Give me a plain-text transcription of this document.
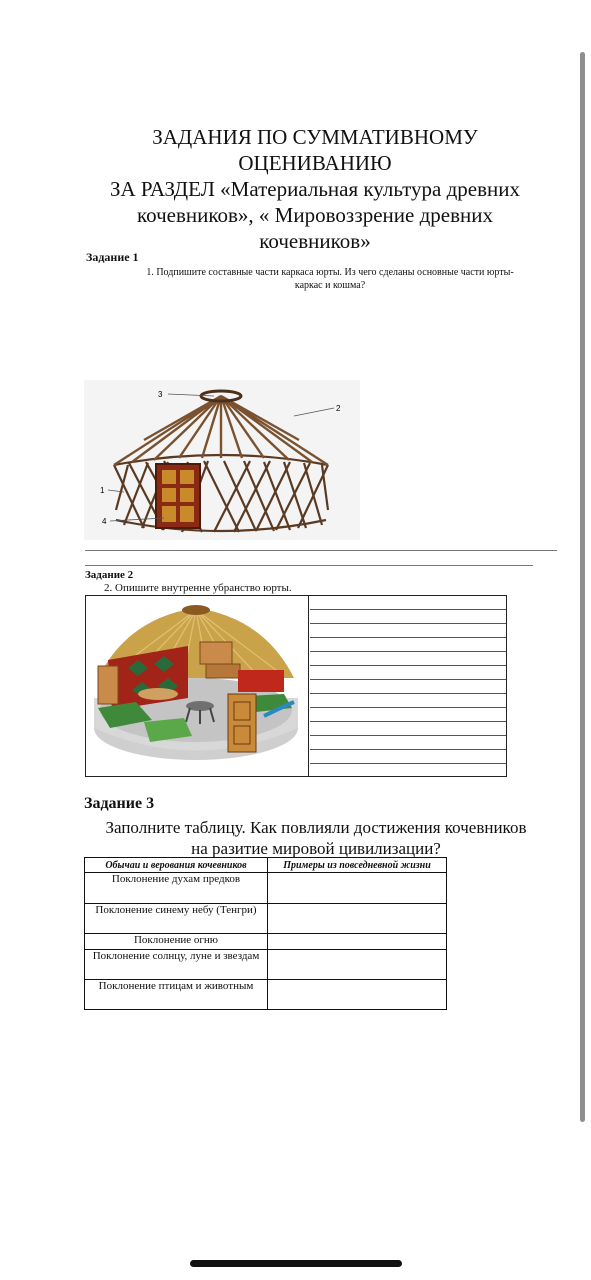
ЗАДАНИЯ ПО СУММАТИВНОМУ
ОЦЕНИВАНИЮ
ЗА РАЗДЕЛ «Материальная культура древних
кочевников», « Мировоззрение древних
кочевников»
Задание 1
1. Подпишите составные части каркаса юрты. Из чего сделаны основные части юрты-
каркас и кошма?
3
2
1
4
Задание 2
2. Опишите внутренне убранство юрты.
Задание 3
Заполните таблицу. Как повлияли достижения кочевников
на разитие мировой цивилизации?
Обычаи и верования кочевников	Примеры из повседневной жизни
Поклонение духам предков	
Поклонение синему небу (Тенгри)	
Поклонение огню	
Поклонение солнцу, луне и звездам	
Поклонение птицам и животным	
